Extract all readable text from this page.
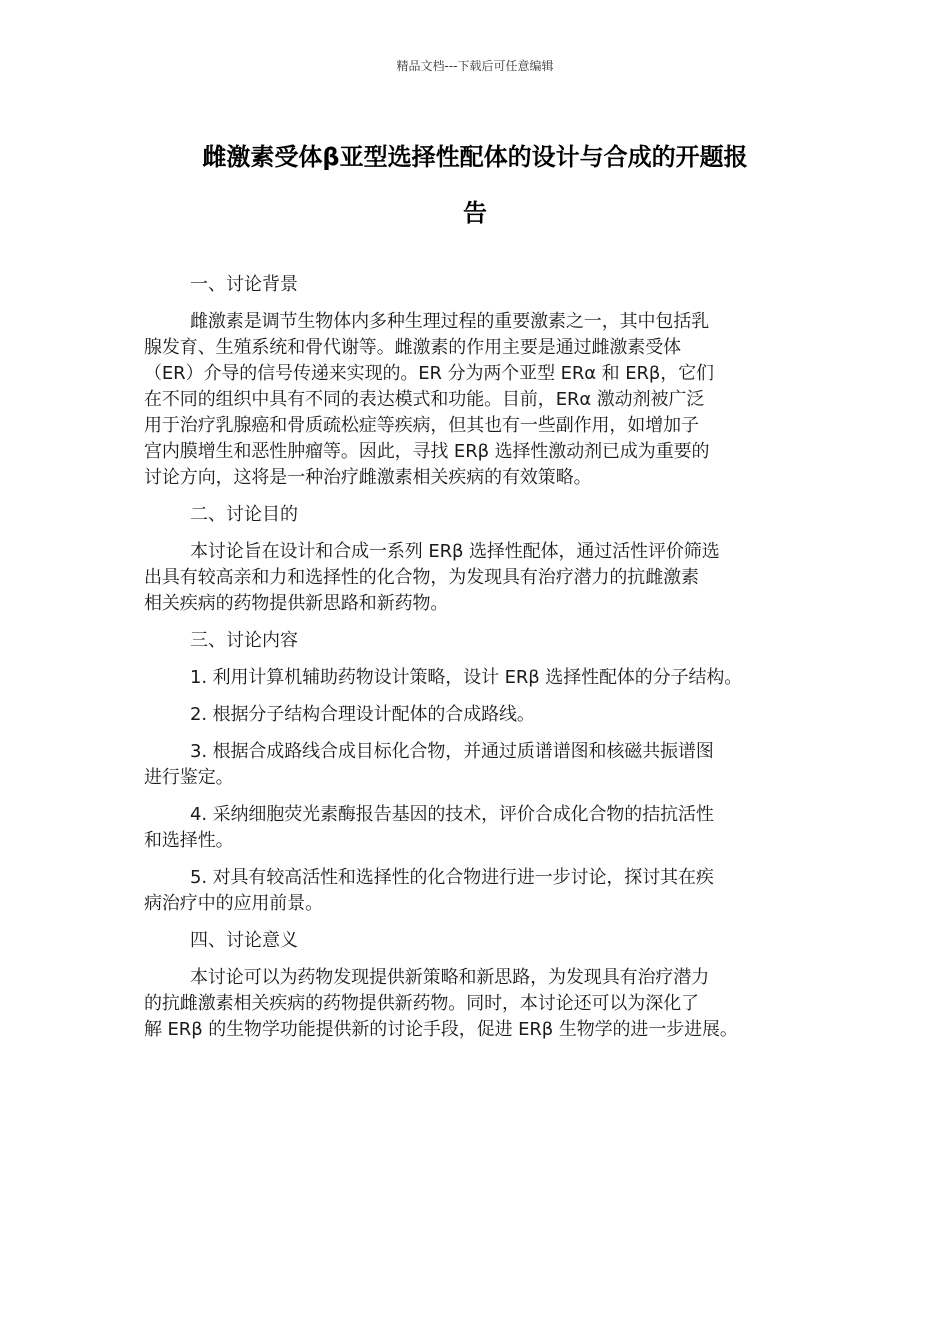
精品文档---下载后可任意编辑
雌激素受体β亚型选择性配体的设计与合成的开题报
告
一、讨论背景
雌激素是调节生物体内多种生理过程的重要激素之一，其中包括乳
腺发育、生殖系统和骨代谢等。雌激素的作用主要是通过雌激素受体
（ER）介导的信号传递来实现的。ER 分为两个亚型 ERα 和 ERβ，它们
在不同的组织中具有不同的表达模式和功能。目前，ERα 激动剂被广泛
用于治疗乳腺癌和骨质疏松症等疾病，但其也有一些副作用，如增加子
宫内膜增生和恶性肿瘤等。因此，寻找 ERβ 选择性激动剂已成为重要的
讨论方向，这将是一种治疗雌激素相关疾病的有效策略。
二、讨论目的
本讨论旨在设计和合成一系列 ERβ 选择性配体，通过活性评价筛选
出具有较高亲和力和选择性的化合物，为发现具有治疗潜力的抗雌激素
相关疾病的药物提供新思路和新药物。
三、讨论内容
1. 利用计算机辅助药物设计策略，设计 ERβ 选择性配体的分子结构。
2. 根据分子结构合理设计配体的合成路线。
3. 根据合成路线合成目标化合物，并通过质谱谱图和核磁共振谱图
进行鉴定。
4. 采纳细胞荧光素酶报告基因的技术，评价合成化合物的拮抗活性
和选择性。
5. 对具有较高活性和选择性的化合物进行进一步讨论，探讨其在疾
病治疗中的应用前景。
四、讨论意义
本讨论可以为药物发现提供新策略和新思路，为发现具有治疗潜力
的抗雌激素相关疾病的药物提供新药物。同时，本讨论还可以为深化了
解 ERβ 的生物学功能提供新的讨论手段，促进 ERβ 生物学的进一步进展。
